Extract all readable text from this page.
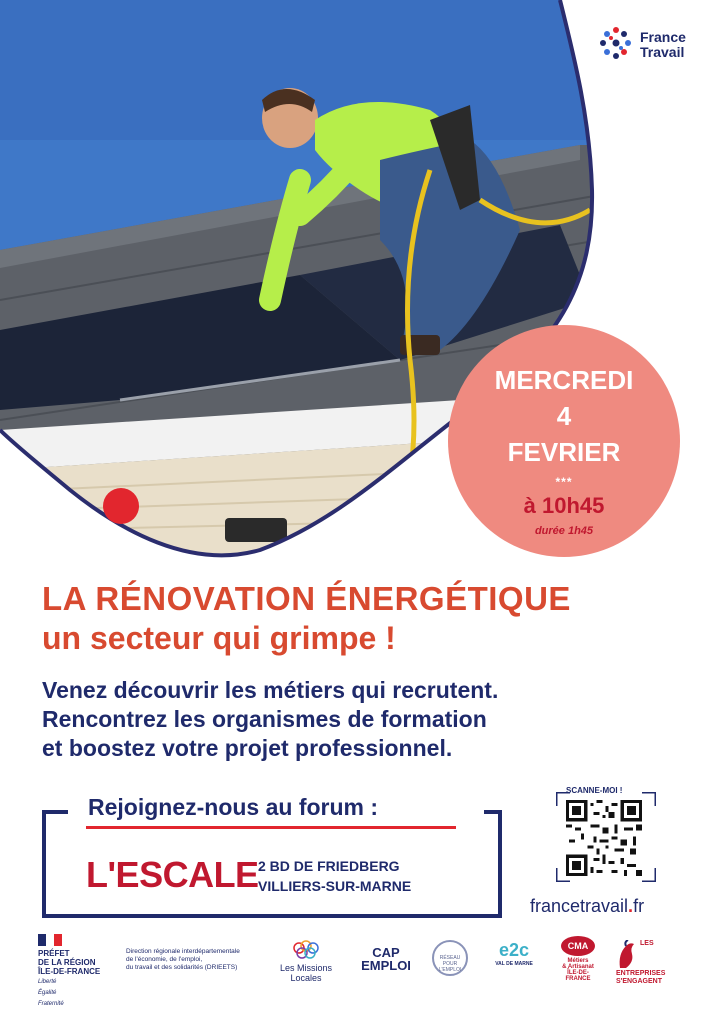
France
Travail
MERCREDI
4
FEVRIER
***
à 10h45
durée 1h45
LA RÉNOVATION ÉNERGÉTIQUE
un secteur qui grimpe !
Venez découvrir les métiers qui recrutent.
Rencontrez les organismes de formation
et boostez votre projet professionnel.
Rejoignez-nous au forum :
L'ESCALE 2 BD DE FRIEDBERG
VILLIERS-SUR-MARNE
SCANNE-MOI !
francetravail.fr
PRÉFET
DE LA RÉGION
ÎLE-DE-FRANCE
Liberté
Égalité
Fraternité
Direction régionale interdépartementale
de l'économie, de l'emploi,
du travail et des solidarités (DRIEETS)	Les Missions Locales
CAP
EMPLOI	RÉSEAU POUR L'EMPLOI
e2c
VAL DE MARNE
CMA
Métiers
& Artisanat
ÎLE-DE-FRANCE
LES
ENTREPRISES
S'ENGAGENT
